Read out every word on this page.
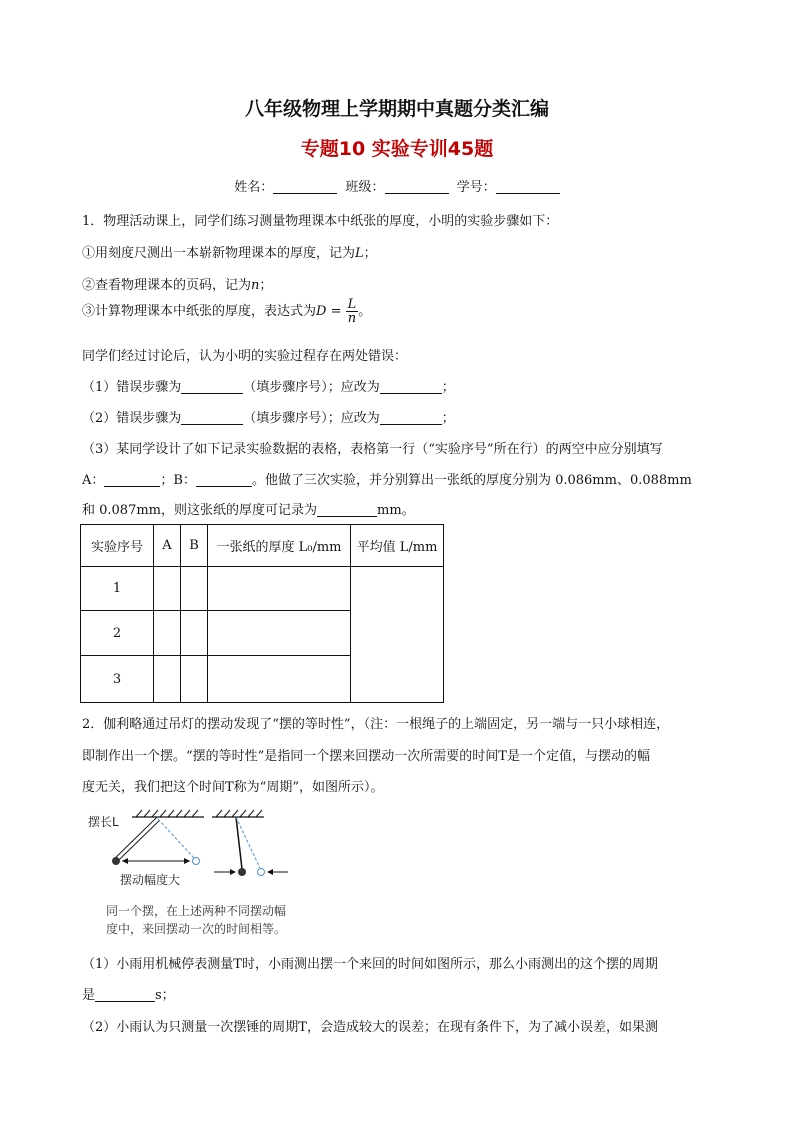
八年级物理上学期期中真题分类汇编
专题10 实验专训45题
姓名：	班级：	学号：
1．物理活动课上，同学们练习测量物理课本中纸张的厚度，小明的实验步骤如下：
①用刻度尺测出一本崭新物理课本的厚度，记为L；
②查看物理课本的页码，记为n；
③计算物理课本中纸张的厚度，表达式为$D = \frac{L}{n}$ 。
同学们经过讨论后，认为小明的实验过程存在两处错误：
（1）错误步骤为	（填步骤序号）；应改为	；
（2）错误步骤为	（填步骤序号）；应改为	；
（3）某同学设计了如下记录实验数据的表格，表格第一行（“实验序号”所在行）的两空中应分别填写
A：	；B：	。他做了三次实验，并分别算出一张纸的厚度分别为 0.086mm、0.088mm
和 0.087mm，则这张纸的厚度可记录为	mm。
实验序号	A	B	一张纸的厚度 L₀/mm	平均值 L/mm
1				
2				
3				
2．伽利略通过吊灯的摆动发现了“摆的等时性”，（注：一根绳子的上端固定，另一端与一只小球相连，
即制作出一个摆。“摆的等时性”是指同一个摆来回摆动一次所需要的时间T是一个定值，与摆动的幅
度无关，我们把这个时间T称为“周期”，如图所示）。
摆长L
摆动幅度大
同一个摆，在上述两种不同摆动幅
度中，来回摆动一次的时间相等。
（1）小雨用机械停表测量T时，小雨测出摆一个来回的时间如图所示，那么小雨测出的这个摆的周期
是	s；
（2）小雨认为只测量一次摆锤的周期T，会造成较大的误差；在现有条件下，为了减小误差，如果测
